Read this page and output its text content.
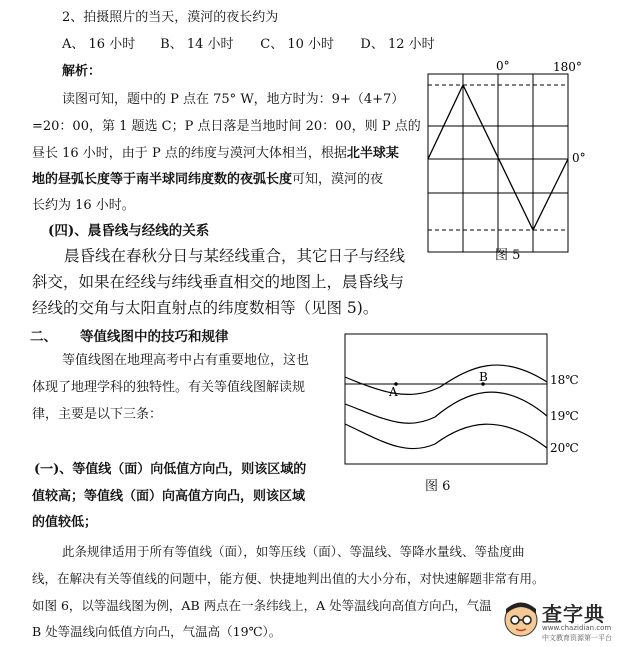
2、拍摄照片的当天，漠河的夜长约为
A、 16 小时 B、 14 小时 C、 10 小时 D、 12 小时
解析：
读图可知，题中的 P 点在 75° W，地方时为：9+（4+7）
=20：00，第 1 题选 C；P 点日落是当地时间 20：00，则 P 点的
昼长 16 小时，由于 P 点的纬度与漠河大体相当，根据北半球某
地的昼弧长度等于南半球同纬度数的夜弧长度可知，漠河的夜
长约为 16 小时。
(四)、晨昏线与经线的关系
晨昏线在春秋分日与某经线重合，其它日子与经线
斜交，如果在经线与纬线垂直相交的地图上，晨昏线与
经线的交角与太阳直射点的纬度数相等（见图 5)。
0°	180°
0°
图 5
二、 等值线图中的技巧和规律
等值线图在地理高考中占有重要地位，这也
体现了地理学科的独特性。有关等值线图解读规
律，主要是以下三条：
(一)、等值线（面）向低值方向凸，则该区域的
值较高；等值线（面）向高值方向凸，则该区域
的值较低；
A
B	18℃
19℃
20℃
图 6
此条规律适用于所有等值线（面），如等压线（面）、等温线、等降水量线、等盐度曲
线，在解决有关等值线的问题中，能方便、快捷地判出值的大小分布，对快速解题非常有用。
如图 6，以等温线图为例，AB 两点在一条纬线上，A 处等温线向高值方向凸，气温
B 处等温线向低值方向凸，气温高（19℃）。
查字典
www.chazidian.com
中文教育资源第一平台
